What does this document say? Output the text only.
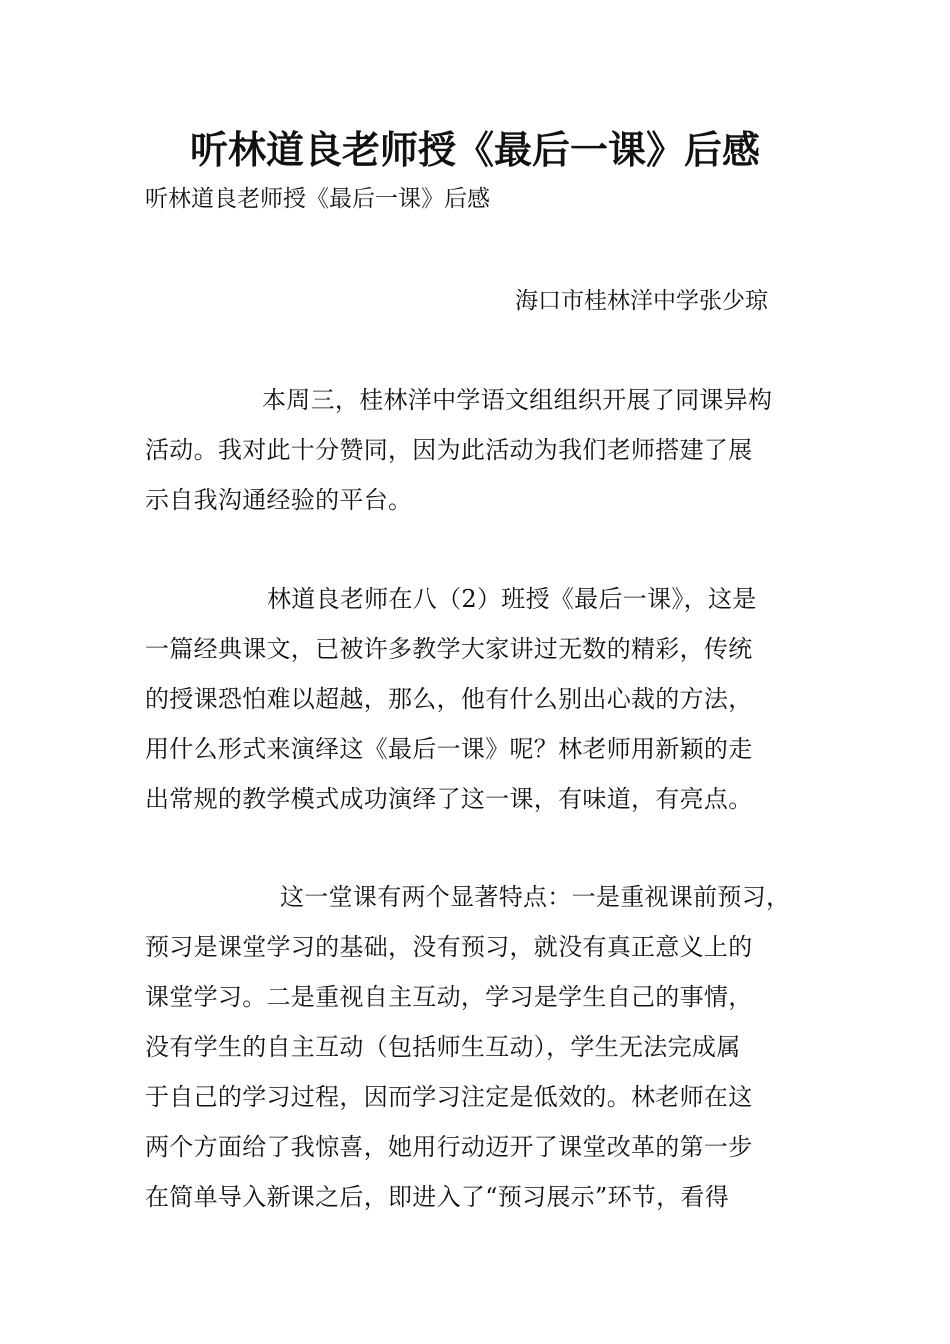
听林道良老师授《最后一课》后感

听林道良老师授《最后一课》后感

海口市桂林洋中学张少琼

本周三，桂林洋中学语文组组织开展了同课异构
活动。我对此十分赞同，因为此活动为我们老师搭建了展
示自我沟通经验的平台。
林道良老师在八（2）班授《最后一课》，这是
一篇经典课文，已被许多教学大家讲过无数的精彩，传统
的授课恐怕难以超越，那么，他有什么别出心裁的方法，
用什么形式来演绎这《最后一课》呢？林老师用新颖的走
出常规的教学模式成功演绎了这一课，有味道，有亮点。
这一堂课有两个显著特点：一是重视课前预习，
预习是课堂学习的基础，没有预习，就没有真正意义上的
课堂学习。二是重视自主互动，学习是学生自己的事情，
没有学生的自主互动（包括师生互动），学生无法完成属
于自己的学习过程，因而学习注定是低效的。林老师在这
两个方面给了我惊喜，她用行动迈开了课堂改革的第一步
在简单导入新课之后，即进入了“预习展示”环节，看得
